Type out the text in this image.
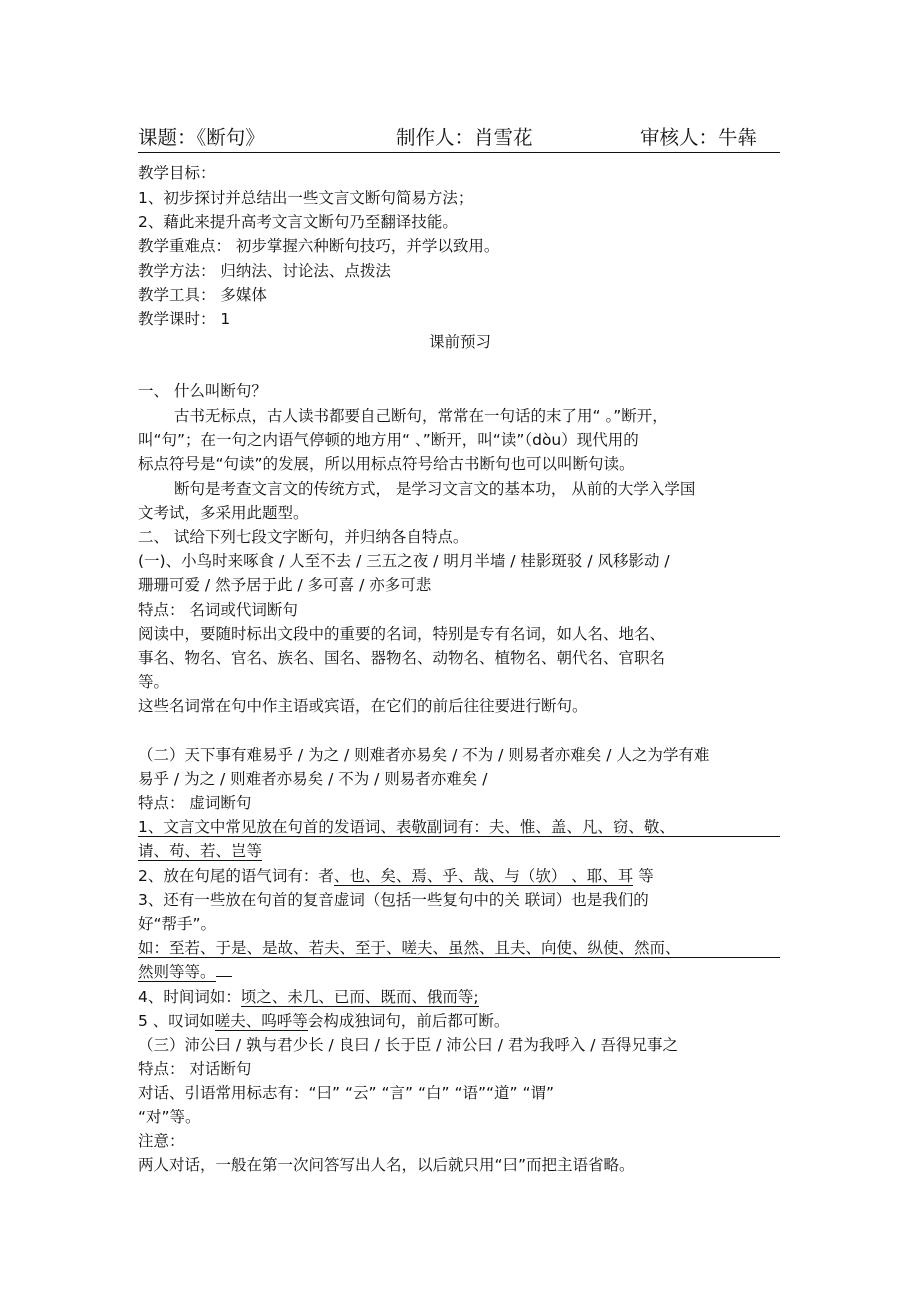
课题：《断句》	制作人：肖雪花	审核人：牛犇
教学目标：
1、初步探讨并总结出一些文言文断句简易方法；
2、藉此来提升高考文言文断句乃至翻译技能。
教学重难点： 初步掌握六种断句技巧，并学以致用。
教学方法： 归纳法、讨论法、点拨法
教学工具： 多媒体
教学课时： 1
课前预习
一、 什么叫断句？
古书无标点，古人读书都要自己断句，常常在一句话的末了用“ 。”断开，
叫“句”；在一句之内语气停顿的地方用“ 、”断开，叫“读”（dòu）现代用的
标点符号是“句读”的发展，所以用标点符号给古书断句也可以叫断句读。
断句是考查文言文的传统方式， 是学习文言文的基本功， 从前的大学入学国
文考试，多采用此题型。
二、 试给下列七段文字断句，并归纳各自特点。
(一)、小鸟时来啄食 / 人至不去 / 三五之夜 / 明月半墙 / 桂影斑驳 / 风移影动 /
珊珊可爱 / 然予居于此 / 多可喜 / 亦多可悲
特点： 名词或代词断句
阅读中，要随时标出文段中的重要的名词，特别是专有名词，如人名、地名、
事名、物名、官名、族名、国名、器物名、动物名、植物名、朝代名、官职名
等。
这些名词常在句中作主语或宾语，在它们的前后往往要进行断句。
（二）天下事有难易乎 / 为之 / 则难者亦易矣 / 不为 / 则易者亦难矣 / 人之为学有难
易乎 / 为之 / 则难者亦易矣 / 不为 / 则易者亦难矣 /
特点： 虚词断句
1、文言文中常见放在句首的发语词、表敬副词有：夫、惟、盖、凡、窃、敬、
请、苟、若、岂等
2、放在句尾的语气词有：者、也、矣、焉、乎、哉、与（欤） 、耶、耳 等
3、还有一些放在句首的复音虚词（包括一些复句中的关 联词）也是我们的
好“帮手”。
如：至若、于是、是故、若夫、至于、嗟夫、虽然、且夫、向使、纵使、然而、
然则等等。
4、时间词如：顷之、未几、已而、既而、俄而等;
5 、叹词如嗟夫、呜呼等会构成独词句，前后都可断。
（三）沛公曰 / 孰与君少长 / 良曰 / 长于臣 / 沛公曰 / 君为我呼入 / 吾得兄事之
特点： 对话断句
对话、引语常用标志有：“曰” “云” “言” “白” “语”“道” “谓”
“对”等。
注意：
两人对话，一般在第一次问答写出人名，以后就只用“曰”而把主语省略。
